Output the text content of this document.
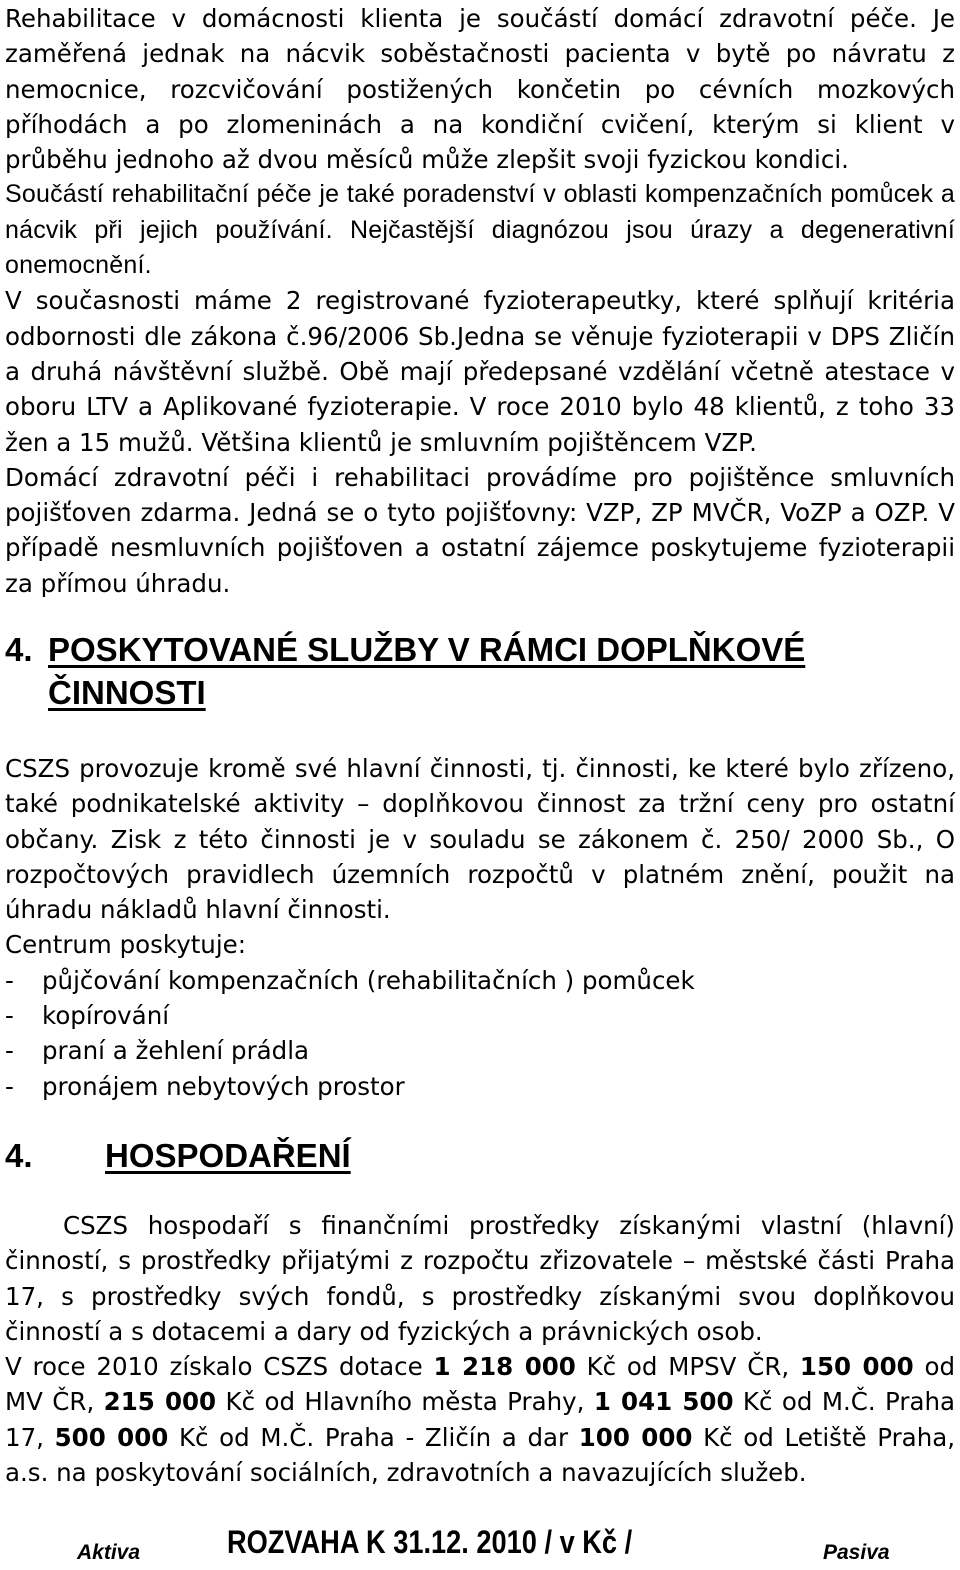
Rehabilitace v domácnosti klienta je součástí domácí zdravotní péče. Je zaměřená jednak na nácvik soběstačnosti pacienta v bytě po návratu z nemocnice, rozcvičování postižených končetin po cévních mozkových příhodách a po zlomeninách a na kondiční cvičení, kterým si klient v průběhu jednoho až dvou měsíců může zlepšit svoji fyzickou kondici.

Součástí rehabilitační péče je také poradenství v oblasti kompenzačních pomůcek a nácvik při jejich používání. Nejčastější diagnózou jsou úrazy a degenerativní onemocnění.

V současnosti máme 2 registrované fyzioterapeutky, které splňují kritéria odbornosti dle zákona č.96/2006 Sb.Jedna se věnuje fyzioterapii v DPS Zličín a druhá návštěvní službě. Obě mají předepsané vzdělání včetně atestace v oboru LTV a Aplikované fyzioterapie. V roce 2010 bylo 48 klientů, z toho 33 žen a 15 mužů. Většina klientů je smluvním pojištěncem VZP.

Domácí zdravotní péči i rehabilitaci provádíme pro pojištěnce smluvních pojišťoven zdarma. Jedná se o tyto pojišťovny: VZP, ZP MVČR, VoZP a OZP. V případě nesmluvních pojišťoven a ostatní zájemce poskytujeme fyzioterapii za přímou úhradu.

4. POSKYTOVANÉ SLUŽBY V RÁMCI DOPLŇKOVÉ ČINNOSTI

CSZS provozuje kromě své hlavní činnosti, tj. činnosti, ke které bylo zřízeno, také podnikatelské aktivity – doplňkovou činnost za tržní ceny pro ostatní občany. Zisk z této činnosti je v souladu se zákonem č. 250/ 2000 Sb., O rozpočtových pravidlech územních rozpočtů v platném znění, použit na úhradu nákladů hlavní činnosti.

Centrum poskytuje:

-	půjčování kompenzačních (rehabilitačních ) pomůcek
-	kopírování
-	praní a žehlení prádla
-	pronájem nebytových prostor
4. HOSPODAŘENÍ

CSZS hospodaří s finančními prostředky získanými vlastní (hlavní) činností, s prostředky přijatými z rozpočtu zřizovatele – městské části Praha 17, s prostředky svých fondů, s prostředky získanými svou doplňkovou činností a s dotacemi a dary od fyzických a právnických osob.

V roce 2010 získalo CSZS dotace 1 218 000 Kč od MPSV ČR, 150 000 od MV ČR, 215 000 Kč od Hlavního města Prahy, 1 041 500 Kč od M.Č. Praha 17, 500 000 Kč od M.Č. Praha - Zličín a dar 100 000 Kč od Letiště Praha, a.s. na poskytování sociálních, zdravotních a navazujících služeb.

Aktiva	ROZVAHA K 31.12. 2010 / v Kč /	Pasiva
